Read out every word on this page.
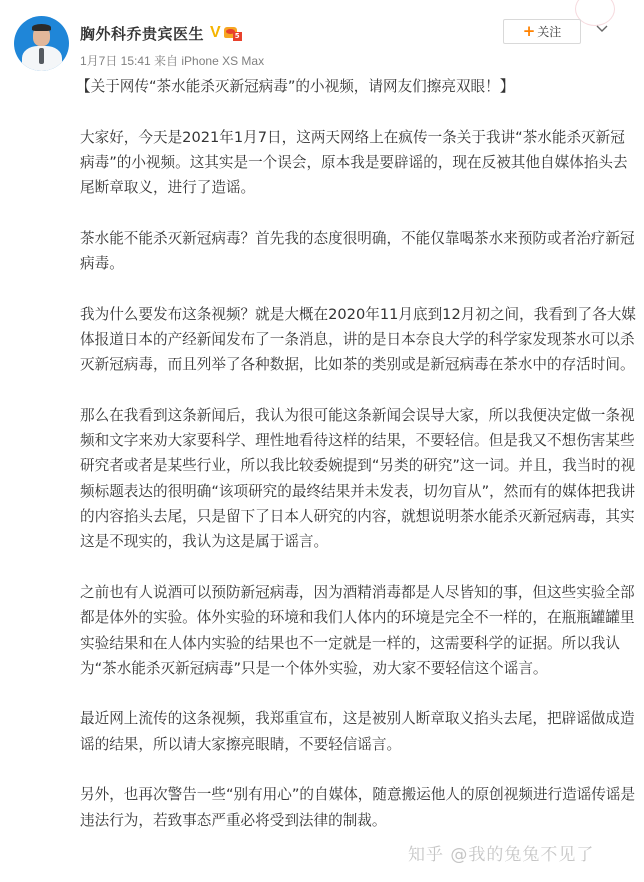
胸外科乔贵宾医生 V 5
1月7日 15:41 来自 iPhone XS Max
+ 关注

【关于网传“茶水能杀灭新冠病毒”的小视频，请网友们擦亮双眼！】

大家好，今天是2021年1月7日，这两天网络上在疯传一条关于我讲“茶水能杀灭新冠病毒”的小视频。这其实是一个误会，原本我是要辟谣的，现在反被其他自媒体掐头去尾断章取义，进行了造谣。

茶水能不能杀灭新冠病毒？首先我的态度很明确，不能仅靠喝茶水来预防或者治疗新冠病毒。

我为什么要发布这条视频？就是大概在2020年11月底到12月初之间，我看到了各大媒体报道日本的产经新闻发布了一条消息，讲的是日本奈良大学的科学家发现茶水可以杀灭新冠病毒，而且列举了各种数据，比如茶的类别或是新冠病毒在茶水中的存活时间。

那么在我看到这条新闻后，我认为很可能这条新闻会误导大家，所以我便决定做一条视频和文字来劝大家要科学、理性地看待这样的结果，不要轻信。但是我又不想伤害某些研究者或者是某些行业，所以我比较委婉提到“另类的研究”这一词。并且，我当时的视频标题表达的很明确“该项研究的最终结果并未发表，切勿盲从”，然而有的媒体把我讲的内容掐头去尾，只是留下了日本人研究的内容，就想说明茶水能杀灭新冠病毒，其实这是不现实的，我认为这是属于谣言。

之前也有人说酒可以预防新冠病毒，因为酒精消毒都是人尽皆知的事，但这些实验全部都是体外的实验。体外实验的环境和我们人体内的环境是完全不一样的，在瓶瓶罐罐里实验结果和在人体内实验的结果也不一定就是一样的，这需要科学的证据。所以我认为“茶水能杀灭新冠病毒”只是一个体外实验，劝大家不要轻信这个谣言。

最近网上流传的这条视频，我郑重宣布，这是被别人断章取义掐头去尾，把辟谣做成造谣的结果，所以请大家擦亮眼睛，不要轻信谣言。

另外，也再次警告一些“别有用心”的自媒体，随意搬运他人的原创视频进行造谣传谣是违法行为，若致事态严重必将受到法律的制裁。

知乎 @我的兔兔不见了
